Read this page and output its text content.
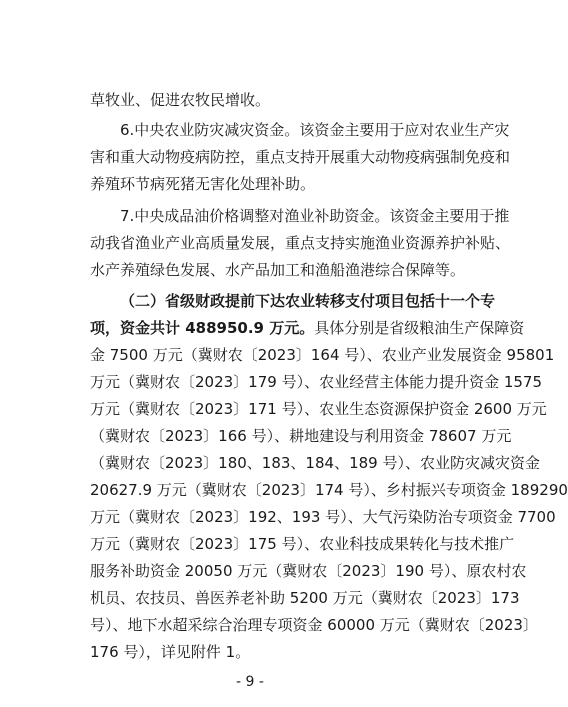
草牧业、促进农牧民增收。
6.中央农业防灾减灾资金。该资金主要用于应对农业生产灾
害和重大动物疫病防控，重点支持开展重大动物疫病强制免疫和
养殖环节病死猪无害化处理补助。
7.中央成品油价格调整对渔业补助资金。该资金主要用于推
动我省渔业产业高质量发展，重点支持实施渔业资源养护补贴、
水产养殖绿色发展、水产品加工和渔船渔港综合保障等。
（二）省级财政提前下达农业转移支付项目包括十一个专
项，资金共计 488950.9 万元。具体分别是省级粮油生产保障资
金 7500 万元（冀财农〔2023〕164 号）、农业产业发展资金 95801
万元（冀财农〔2023〕179 号）、农业经营主体能力提升资金 1575
万元（冀财农〔2023〕171 号）、农业生态资源保护资金 2600 万元
（冀财农〔2023〕166 号）、耕地建设与利用资金 78607 万元
（冀财农〔2023〕180、183、184、189 号）、农业防灾减灾资金
20627.9 万元（冀财农〔2023〕174 号）、乡村振兴专项资金 189290
万元（冀财农〔2023〕192、193 号）、大气污染防治专项资金 7700
万元（冀财农〔2023〕175 号）、农业科技成果转化与技术推广
服务补助资金 20050 万元（冀财农〔2023〕190 号）、原农村农
机员、农技员、兽医养老补助 5200 万元（冀财农〔2023〕173
号）、地下水超采综合治理专项资金 60000 万元（冀财农〔2023〕
176 号），详见附件 1。
- 9 -
